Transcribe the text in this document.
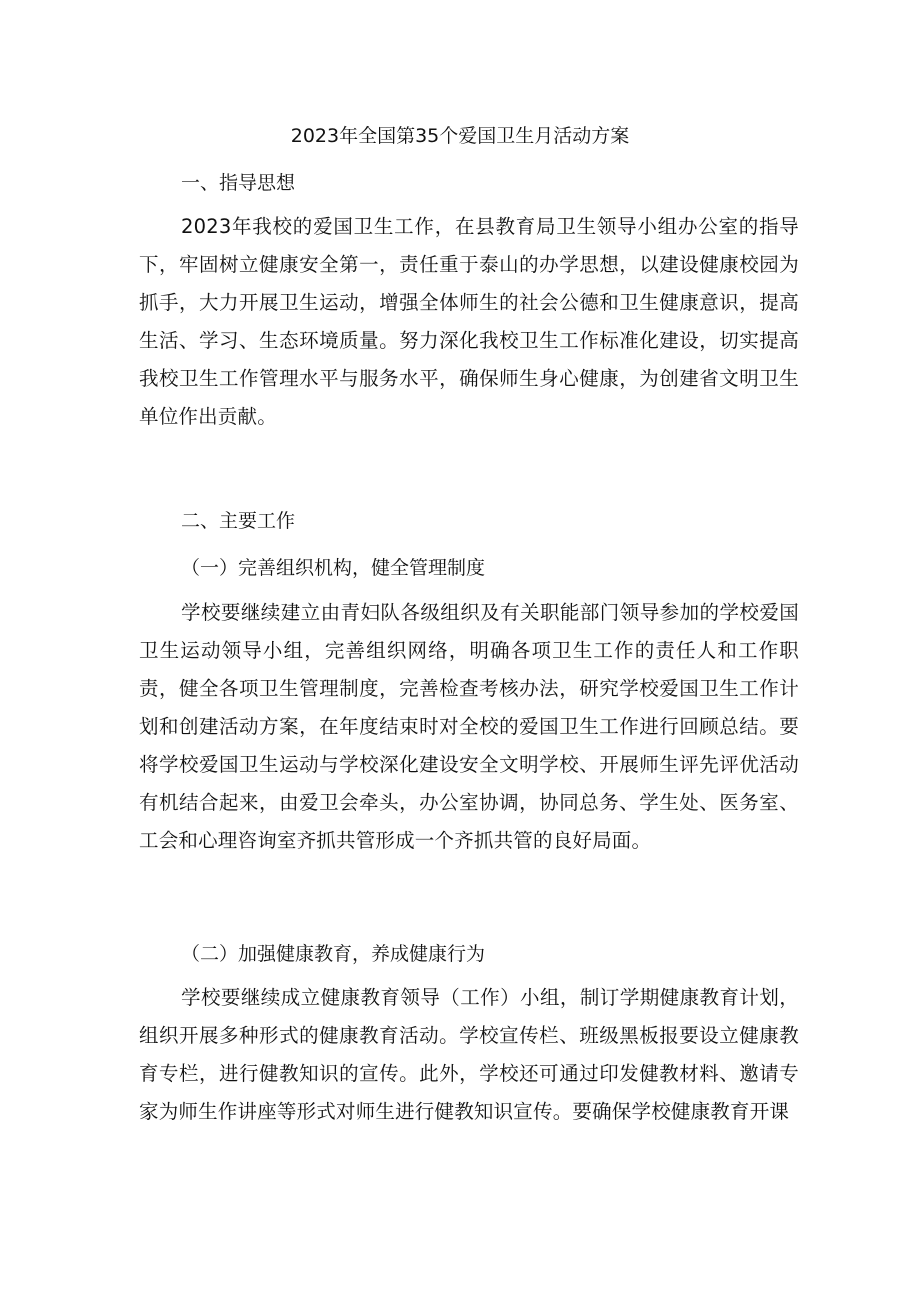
2023年全国第35个爱国卫生月活动方案
一、指导思想

2023年我校的爱国卫生工作，在县教育局卫生领导小组办公室的指导下，牢固树立健康安全第一，责任重于泰山的办学思想，以建设健康校园为抓手，大力开展卫生运动，增强全体师生的社会公德和卫生健康意识，提高生活、学习、生态环境质量。努力深化我校卫生工作标准化建设，切实提高我校卫生工作管理水平与服务水平，确保师生身心健康，为创建省文明卫生单位作出贡献。

二、主要工作
（一）完善组织机构，健全管理制度

学校要继续建立由青妇队各级组织及有关职能部门领导参加的学校爱国卫生运动领导小组，完善组织网络，明确各项卫生工作的责任人和工作职责，健全各项卫生管理制度，完善检查考核办法，研究学校爱国卫生工作计划和创建活动方案，在年度结束时对全校的爱国卫生工作进行回顾总结。要将学校爱国卫生运动与学校深化建设安全文明学校、开展师生评先评优活动有机结合起来，由爱卫会牵头，办公室协调，协同总务、学生处、医务室、工会和心理咨询室齐抓共管形成一个齐抓共管的良好局面。

（二）加强健康教育，养成健康行为

学校要继续成立健康教育领导（工作）小组，制订学期健康教育计划，组织开展多种形式的健康教育活动。学校宣传栏、班级黑板报要设立健康教育专栏，进行健教知识的宣传。此外，学校还可通过印发健教材料、邀请专家为师生作讲座等形式对师生进行健教知识宣传。要确保学校健康教育开课
